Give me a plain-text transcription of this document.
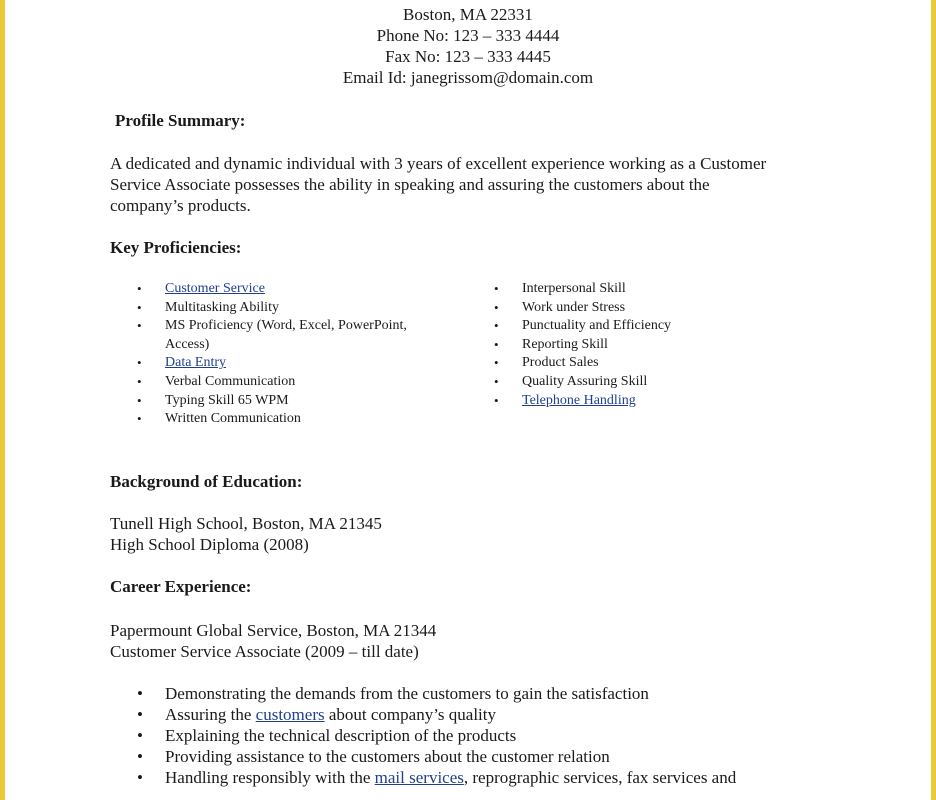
Boston, MA 22331
Phone No: 123 – 333 4444
Fax No: 123 – 333 4445
Email Id: janegrissom@domain.com
Profile Summary:
A dedicated and dynamic individual with 3 years of excellent experience working as a Customer
Service Associate possesses the ability in speaking and assuring the customers about the
company’s products.
Key Proficiencies:
• Customer Service
• Multitasking Ability
• MS Proficiency (Word, Excel, PowerPoint,
Access)
• Data Entry
• Verbal Communication
• Typing Skill 65 WPM
• Written Communication
• Interpersonal Skill
• Work under Stress
• Punctuality and Efficiency
• Reporting Skill
• Product Sales
• Quality Assuring Skill
• Telephone Handling
Background of Education:
Tunell High School, Boston, MA 21345
High School Diploma (2008)
Career Experience:
Papermount Global Service, Boston, MA 21344
Customer Service Associate (2009 – till date)
• Demonstrating the demands from the customers to gain the satisfaction
• Assuring the customers about company’s quality
• Explaining the technical description of the products
• Providing assistance to the customers about the customer relation
• Handling responsibly with the mail services, reprographic services, fax services and
